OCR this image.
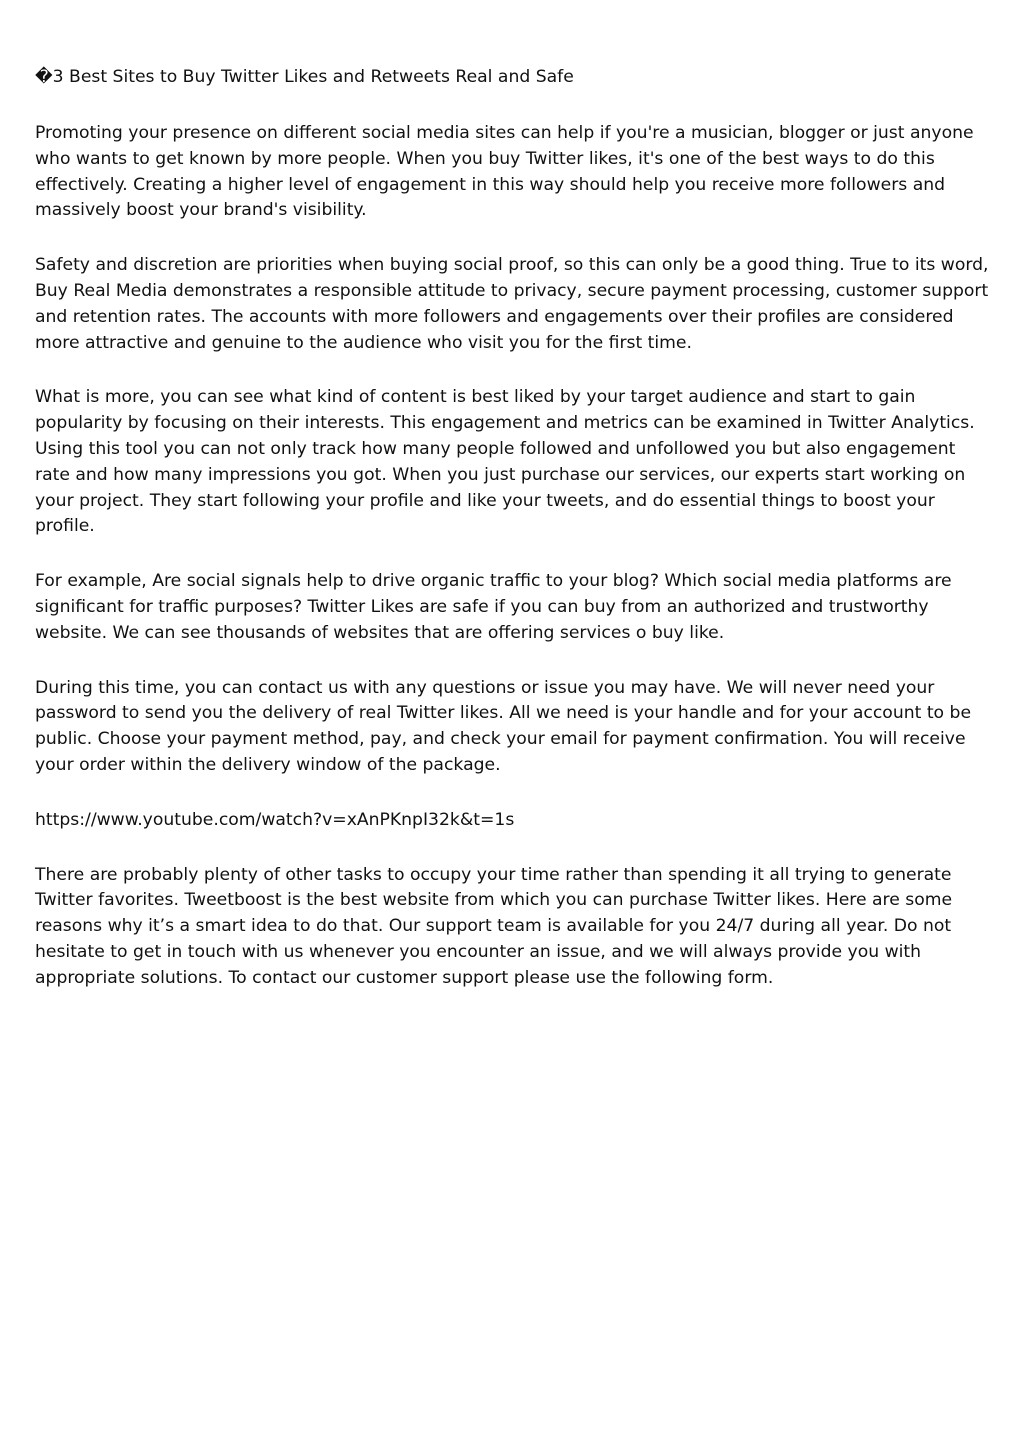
�3 Best Sites to Buy Twitter Likes and Retweets Real and Safe

Promoting your presence on different social media sites can help if you're a musician, blogger or just anyone who wants to get known by more people. When you buy Twitter likes, it's one of the best ways to do this effectively. Creating a higher level of engagement in this way should help you receive more followers and massively boost your brand's visibility.

Safety and discretion are priorities when buying social proof, so this can only be a good thing. True to its word, Buy Real Media demonstrates a responsible attitude to privacy, secure payment processing, customer support and retention rates. The accounts with more followers and engagements over their profiles are considered more attractive and genuine to the audience who visit you for the first time.

What is more, you can see what kind of content is best liked by your target audience and start to gain popularity by focusing on their interests. This engagement and metrics can be examined in Twitter Analytics. Using this tool you can not only track how many people followed and unfollowed you but also engagement rate and how many impressions you got. When you just purchase our services, our experts start working on your project. They start following your profile and like your tweets, and do essential things to boost your profile.

For example, Are social signals help to drive organic traffic to your blog? Which social media platforms are significant for traffic purposes? Twitter Likes are safe if you can buy from an authorized and trustworthy website. We can see thousands of websites that are offering services o buy like.

During this time, you can contact us with any questions or issue you may have. We will never need your password to send you the delivery of real Twitter likes. All we need is your handle and for your account to be public. Choose your payment method, pay, and check your email for payment confirmation. You will receive your order within the delivery window of the package.

https://www.youtube.com/watch?v=xAnPKnpI32k&t=1s

There are probably plenty of other tasks to occupy your time rather than spending it all trying to generate Twitter favorites. Tweetboost is the best website from which you can purchase Twitter likes. Here are some reasons why it’s a smart idea to do that. Our support team is available for you 24/7 during all year. Do not hesitate to get in touch with us whenever you encounter an issue, and we will always provide you with appropriate solutions. To contact our customer support please use the following form.
